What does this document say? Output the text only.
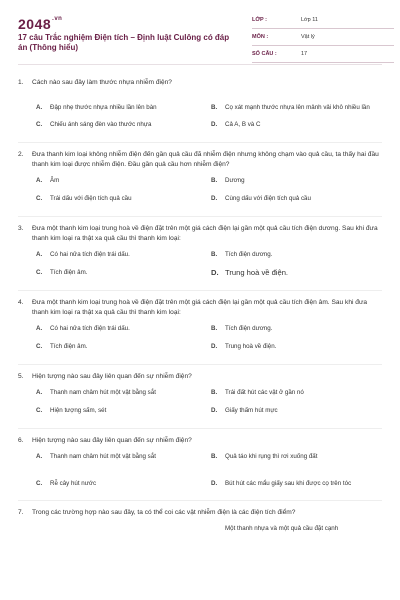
$2048^{.vn}$
17 câu Trắc nghiệm Điện tích – Định luật Culông có đáp án (Thông hiểu)
LỚP :	Lớp 11
MÔN :	Vật lý
SỐ CÂU :	17
1. Cách nào sau đây làm thước nhựa nhiễm điện?
A.	Đập nhẹ thước nhựa nhiều lần lên bàn	B.	Cọ xát mạnh thước nhựa lên mảnh vải khô nhiều lần
C.	Chiếu ánh sáng đèn vào thước nhựa	D.	Cả A, B và C
2. Đưa thanh kim loại không nhiễm điện đến gần quả cầu đã nhiễm điện nhưng không chạm vào quả cầu, ta thấy hai đầu thanh kim loại được nhiễm điện. Đầu gần quả cầu hơn nhiễm điện?
A.	Âm	B.	Dương
C.	Trái dấu với điện tích quả cầu	D.	Cùng dấu với điện tích quả cầu
3. Đưa một thanh kim loại trung hoà về điện đặt trên một giá cách điện lại gần một quả cầu tích điện dương. Sau khi đưa thanh kim loại ra thật xa quả cầu thì thanh kim loại:
A.	Có hai nửa tích điện trái dấu.	B.	Tích điện dương.
C.	Tích điện âm.	D. Trung hoà về điện.
4. Đưa một thanh kim loại trung hoà về điện đặt trên một giá cách điện lại gần một quả cầu tích điện âm. Sau khi đưa thanh kim loại ra thật xa quả cầu thì thanh kim loại:
A.	Có hai nửa tích điện trái dấu.	B.	Tích điện dương.
C.	Tích điện âm.	D.	Trung hoà về điện.
5. Hiện tượng nào sau đây liên quan đến sự nhiễm điện?
A.	Thanh nam châm hút một vật bằng sắt	B.	Trái đất hút các vật ở gần nó
C.	Hiện tượng sấm, sét	D.	Giấy thấm hút mực
6. Hiện tượng nào sau đây liên quan đến sự nhiễm điện?
A.	Thanh nam châm hút một vật bằng sắt	B.	Quả táo khi rụng thì rơi xuống đất
C.	Rễ cây hút nước	D.	Bút hút các mẩu giấy sau khi được cọ trên tóc
7. Trong các trường hợp nào sau đây, ta có thể coi các vật nhiễm điện là các điện tích điểm?
Một thanh nhựa và một quả cầu đặt cạnh
